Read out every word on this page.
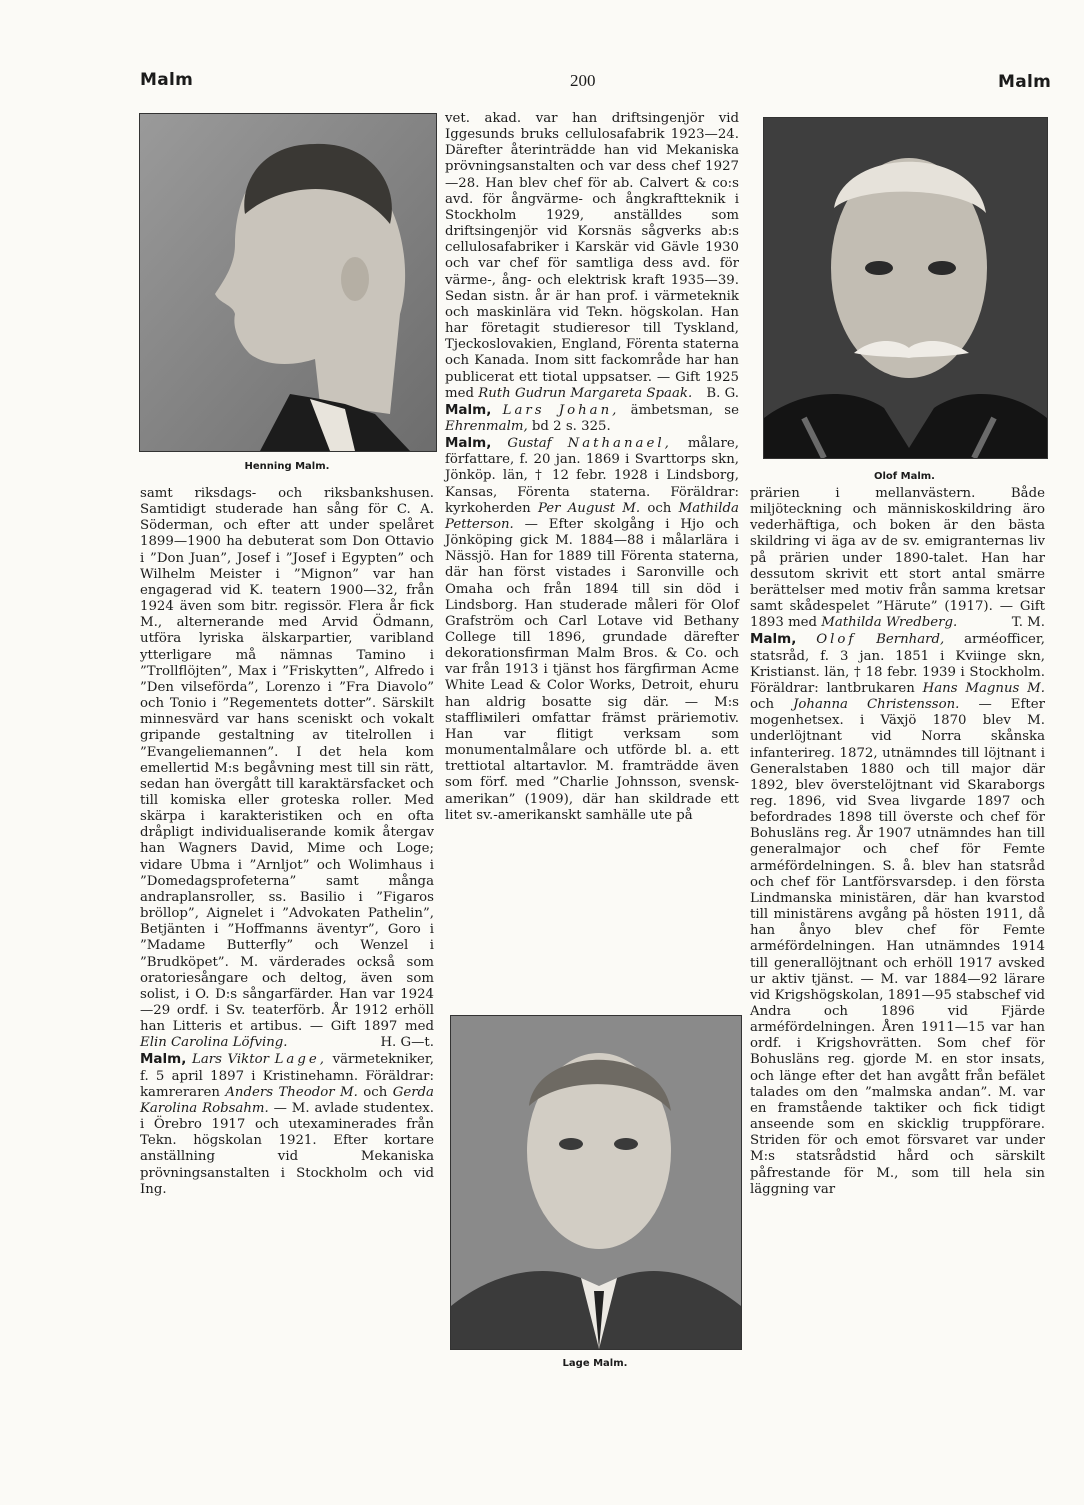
Malm	200	Malm
Henning Malm.
Olof Malm.
Lage Malm.

samt riksdags- och riksbankshusen. Samtidigt studerade han sång för C. A. Söderman, och efter att under spelåret 1899—1900 ha debuterat som Don Ottavio i ”Don Juan”, Josef i ”Josef i Egypten” och Wilhelm Meister i ”Mignon” var han engagerad vid K. teatern 1900—32, från 1924 även som bitr. regissör. Flera år fick M., alternerande med Arvid Ödmann, utföra lyriska älskarpartier, varibland ytterligare må nämnas Tamino i ”Trollflöjten”, Max i ”Friskytten”, Alfredo i ”Den vilseförda”, Lorenzo i ”Fra Diavolo” och Tonio i ”Regementets dotter”. Särskilt minnesvärd var hans sceniskt och vokalt gripande gestaltning av titelrollen i ”Evangeliemannen”. I det hela kom emellertid M:s begåvning mest till sin rätt, sedan han övergått till karaktärsfacket och till komiska eller groteska roller. Med skärpa i karakteristiken och en ofta dråpligt individualiserande komik återgav han Wagners David, Mime och Loge; vidare Ubma i ”Arnljot” och Wolimhaus i ”Domedagsprofeterna” samt många andraplansroller, ss. Basilio i ”Figaros bröllop”, Aignelet i ”Advokaten Pathelin”, Betjänten i ”Hoffmanns äventyr”, Goro i ”Madame Butterfly” och Wenzel i ”Brudköpet”. M. värderades också som oratoriesångare och deltog, även som solist, i O. D:s sångarfärder. Han var 1924—29 ordf. i Sv. teaterförb. År 1912 erhöll han Litteris et artibus. — Gift 1897 med Elin Carolina Löfving.	H. G—t.

Malm, Lars Viktor Lage, värmetekniker, f. 5 april 1897 i Kristinehamn. Föräldrar: kamreraren Anders Theodor M. och Gerda Karolina Robsahm. — M. avlade studentex. i Örebro 1917 och utexaminerades från Tekn. högskolan 1921. Efter kortare anställning vid Mekaniska prövningsanstalten i Stockholm och vid Ing.

vet. akad. var han driftsingenjör vid Iggesunds bruks cellulosafabrik 1923—24. Därefter återinträdde han vid Mekaniska prövningsanstalten och var dess chef 1927—28. Han blev chef för ab. Calvert & co:s avd. för ångvärme- och ångkraftteknik i Stockholm 1929, anställdes som driftsingenjör vid Korsnäs sågverks ab:s cellulosafabriker i Karskär vid Gävle 1930 och var chef för samtliga dess avd. för värme-, ång- och elektrisk kraft 1935—39. Sedan sistn. år är han prof. i värmeteknik och maskinlära vid Tekn. högskolan. Han har företagit studieresor till Tyskland, Tjeckoslovakien, England, Förenta staterna och Kanada. Inom sitt fackområde har han publicerat ett tiotal uppsatser. — Gift 1925 med Ruth Gudrun Margareta Spaak. B. G.

Malm, Lars Johan, ämbetsman, se Ehrenmalm, bd 2 s. 325.

Malm, Gustaf Nathanael, målare, författare, f. 20 jan. 1869 i Svarttorps skn, Jönköp. län, † 12 febr. 1928 i Lindsborg, Kansas, Förenta staterna. Föräldrar: kyrkoherden Per August M. och Mathilda Petterson. — Efter skolgång i Hjo och Jönköping gick M. 1884—88 i målarlära i Nässjö. Han for 1889 till Förenta staterna, där han först vistades i Saronville och Omaha och från 1894 till sin död i Lindsborg. Han studerade måleri för Olof Grafström och Carl Lotave vid Bethany College till 1896, grundade därefter dekorationsfirman Malm Bros. & Co. och var från 1913 i tjänst hos färgfirman Acme White Lead & Color Works, Detroit, ehuru han aldrig bosatte sig där. — M:s staffliміleri omfattar främst präriemotiv. Han var flitigt verksam som monumentalmålare och utförde bl. a. ett trettiotal altartavlor. M. framträdde även som förf. med ”Charlie Johnsson, svensk-amerikan” (1909), där han skildrade ett litet sv.-amerikanskt samhälle ute på

prärien i mellanvästern. Både miljöteckning och människoskildring äro vederhäftiga, och boken är den bästa skildring vi äga av de sv. emigranternas liv på prärien under 1890-talet. Han har dessutom skrivit ett stort antal smärre berättelser med motiv från samma kretsar samt skådespelet ”Härute” (1917). — Gift 1893 med Mathilda Wredberg.	T. M.

Malm, Olof Bernhard, arméofficer, statsråd, f. 3 jan. 1851 i Kviinge skn, Kristianst. län, † 18 febr. 1939 i Stockholm. Föräldrar: lantbrukaren Hans Magnus M. och Johanna Christensson. — Efter mogenhetsex. i Växjö 1870 blev M. underlöjtnant vid Norra skånska infanterireg. 1872, utnämndes till löjtnant i Generalstaben 1880 och till major där 1892, blev överstelöjtnant vid Skaraborgs reg. 1896, vid Svea livgarde 1897 och befordrades 1898 till överste och chef för Bohusläns reg. År 1907 utnämndes han till generalmajor och chef för Femte arméfördelningen. S. å. blev han statsråd och chef för Lantförsvarsdep. i den första Lindmanska ministären, där han kvarstod till ministärens avgång på hösten 1911, då han ånyo blev chef för Femte arméfördelningen. Han utnämndes 1914 till generallöjtnant och erhöll 1917 avsked ur aktiv tjänst. — M. var 1884—92 lärare vid Krigshögskolan, 1891—95 stabschef vid Andra och 1896 vid Fjärde arméfördelningen. Åren 1911—15 var han ordf. i Krigshovrätten. Som chef för Bohusläns reg. gjorde M. en stor insats, och länge efter det han avgått från befälet talades om den ”malmska andan”. M. var en framstående taktiker och fick tidigt anseende som en skicklig truppförare. Striden för och emot försvaret var under M:s statsrådstid hård och särskilt påfrestande för M., som till hela sin läggning var
